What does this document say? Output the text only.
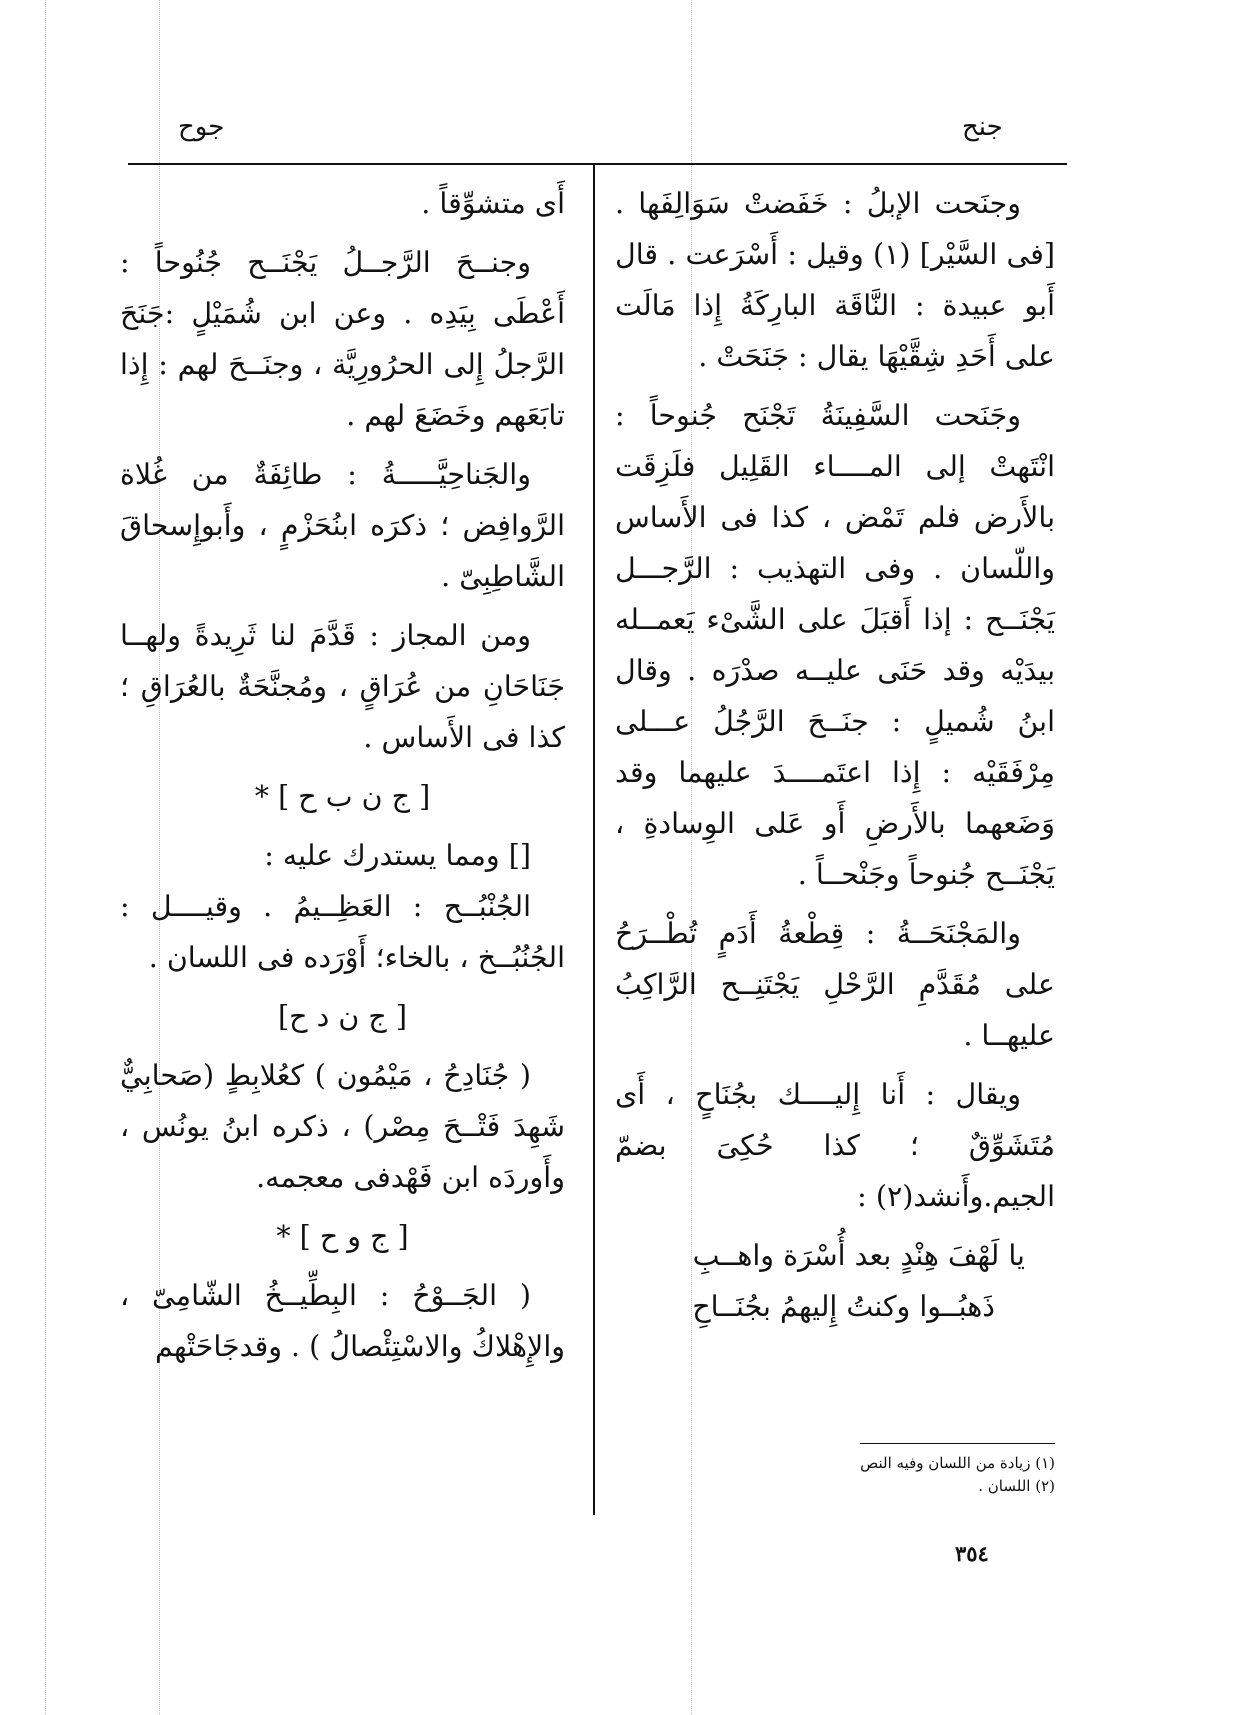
جنح
جوح

وجنَحت الإبلُ : خَفَضتْ سَوَالِفَها . [فى السَّيْر] (١) وقيل : أَسْرَعت . قال أَبو عبيدة : النَّاقَة البارِكَةُ إِذا مَالَت على أَحَدِ شِقَّيْهَا يقال : جَنَحَتْ .

وجَنَحت السَّفِينَةُ تَجْنَح جُنوحاً : انْتَهتْ إلى المــــاء القَلِيل فلَزِقَت بالأَرض فلم تَمْض ، كذا فى الأَساس واللّسان . وفى التهذيب : الرَّجـــل يَجْنَــح : إذا أَقبَلَ على الشَّىْء يَعمــله بيدَيْه وقد حَنَى عليــه صدْرَه . وقال ابنُ شُميلٍ : جنَــحَ الرَّجُلُ عـــلى مِرْفَقَيْه : إِذا اعتَمــــدَ عليهما وقد وَضَعهما بالأَرضِ أَو عَلى الوِسادةِ ، يَجْنَــح جُنوحاً وجَنْحــاً .

والمَجْنَحَــةُ : قِطْعةُ أَدَمٍ تُطْــرَحُ على مُقَدَّمِ الرَّحْلِ يَجْتَنِــح الرَّاكِبُ عليهــا .

ويقال : أَنا إِليــــك بجُنَاحٍ ، أَى مُتَشَوِّقٌ ؛ كذا حُكِىَ بضمّ الجيم.وأَنشد(٢) :

يا لَهْفَ هِنْدٍ بعد أُسْرَة واهــبِ

ذَهبُــوا وكنتُ إِليهمُ بجُنَــاحِ

أَى متشوِّقاً .

وجنــحَ الرَّجــلُ يَجْنَــح جُنُوحاً : أَعْطَى بِيَدِه . وعن ابن شُمَيْلٍ :جَنَحَ الرَّجلُ إِلى الحرُورِيَّة ، وجنَــحَ لهم : إِذا تابَعَهم وخَضَعَ لهم .

والجَناحِيَّـــــةُ : طائِفَةٌ من غُلاة الرَّوافِض ؛ ذكرَه ابنُحَزْمٍ ، وأَبوإِسحاقَ الشَّاطِبِىّ .

ومن المجاز : قَدَّمَ لنا ثَرِيدةً ولهــا جَنَاحَانِ من عُرَاقٍ ، ومُجنَّحَةٌ بالعُرَاقِ ؛ كذا فى الأَساس .

[ ج ن ب ح ] *

[] ومما يستدرك عليه :

الجُنْبُــح : العَظِــيمُ . وقيــــل : الجُنُبُــخ ، بالخاء؛ أَوْرَده فى اللسان .

[ ج ن د ح]

( جُنَادِحُ ، مَيْمُون ) كعُلابِطٍ (صَحابِيٌّ شَهِدَ فَتْــحَ مِصْر) ، ذكره ابنُ يونُس ، وأَوردَه ابن فَهْدفى معجمه.

[ ج و ح ] *

( الجَــوْحُ : البِطِّيــخُ الشّامِىّ ، والإِهْلاكُ والاسْتِئْصالُ ) . وقدجَاحَتْهم

(١) زيادة من اللسان وفيه النص
(٢) اللسان .
٣٥٤
